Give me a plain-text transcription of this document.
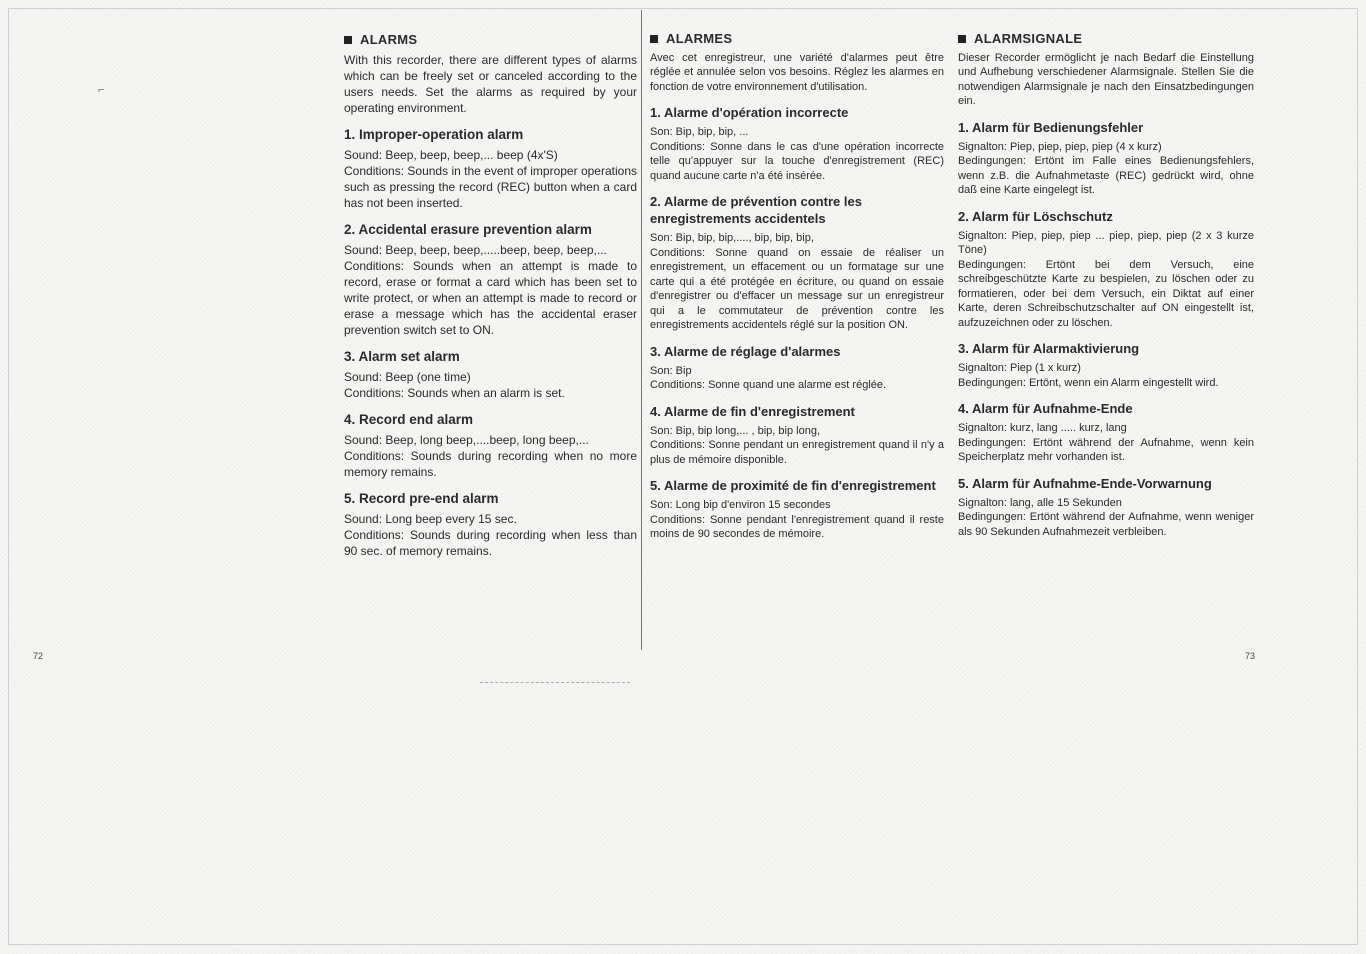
⌐
ALARMS
With this recorder, there are different types of alarms which can be freely set or canceled according to the users needs. Set the alarms as required by your operating environment.
1. Improper-operation alarm
Sound: Beep, beep, beep,... beep (4x'S)
Conditions: Sounds in the event of improper operations such as pressing the record (REC) button when a card has not been inserted.
2. Accidental erasure prevention alarm
Sound: Beep, beep, beep,.....beep, beep, beep,...
Conditions: Sounds when an attempt is made to record, erase or format a card which has been set to write protect, or when an attempt is made to record or erase a message which has the accidental eraser prevention switch set to ON.
3. Alarm set alarm
Sound: Beep (one time)
Conditions: Sounds when an alarm is set.
4. Record end alarm
Sound: Beep, long beep,....beep, long beep,...
Conditions: Sounds during recording when no more memory remains.
5. Record pre-end alarm
Sound: Long beep every 15 sec.
Conditions: Sounds during recording when less than 90 sec. of memory remains.
ALARMES
Avec cet enregistreur, une variété d'alarmes peut être réglée et annulée selon vos besoins. Réglez les alarmes en fonction de votre environnement d'utilisation.
1. Alarme d'opération incorrecte
Son: Bip, bip, bip, ...
Conditions: Sonne dans le cas d'une opération incorrecte telle qu'appuyer sur la touche d'enregistrement (REC) quand aucune carte n'a été insérée.
2. Alarme de prévention contre les enregistrements accidentels
Son: Bip, bip, bip,...., bip, bip, bip,
Conditions: Sonne quand on essaie de réaliser un enregistrement, un effacement ou un formatage sur une carte qui a été protégée en écriture, ou quand on essaie d'enregistrer ou d'effacer un message sur un enregistreur qui a le commutateur de prévention contre les enregistrements accidentels réglé sur la position ON.
3. Alarme de réglage d'alarmes
Son: Bip
Conditions: Sonne quand une alarme est réglée.
4. Alarme de fin d'enregistrement
Son: Bip, bip long,... , bip, bip long,
Conditions: Sonne pendant un enregistrement quand il n'y a plus de mémoire disponible.
5. Alarme de proximité de fin d'enregistrement
Son: Long bip d'environ 15 secondes
Conditions: Sonne pendant l'enregistrement quand il reste moins de 90 secondes de mémoire.
ALARMSIGNALE
Dieser Recorder ermöglicht je nach Bedarf die Einstellung und Aufhebung verschiedener Alarmsignale. Stellen Sie die notwendigen Alarmsignale je nach den Einsatzbedingungen ein.
1. Alarm für Bedienungsfehler
Signalton: Piep, piep, piep, piep (4 x kurz)
Bedingungen: Ertönt im Falle eines Bedienungsfehlers, wenn z.B. die Aufnahmetaste (REC) gedrückt wird, ohne daß eine Karte eingelegt ist.
2. Alarm für Löschschutz
Signalton: Piep, piep, piep ... piep, piep, piep (2 x 3 kurze Töne)
Bedingungen: Ertönt bei dem Versuch, eine schreibgeschützte Karte zu bespielen, zu löschen oder zu formatieren, oder bei dem Versuch, ein Diktat auf einer Karte, deren Schreibschutzschalter auf ON eingestellt ist, aufzuzeichnen oder zu löschen.
3. Alarm für Alarmaktivierung
Signalton: Piep (1 x kurz)
Bedingungen: Ertönt, wenn ein Alarm eingestellt wird.
4. Alarm für Aufnahme-Ende
Signalton: kurz, lang ..... kurz, lang
Bedingungen: Ertönt während der Aufnahme, wenn kein Speicherplatz mehr vorhanden ist.
5. Alarm für Aufnahme-Ende-Vorwarnung
Signalton: lang, alle 15 Sekunden
Bedingungen: Ertönt während der Aufnahme, wenn weniger als 90 Sekunden Aufnahmezeit verbleiben.
72	73
